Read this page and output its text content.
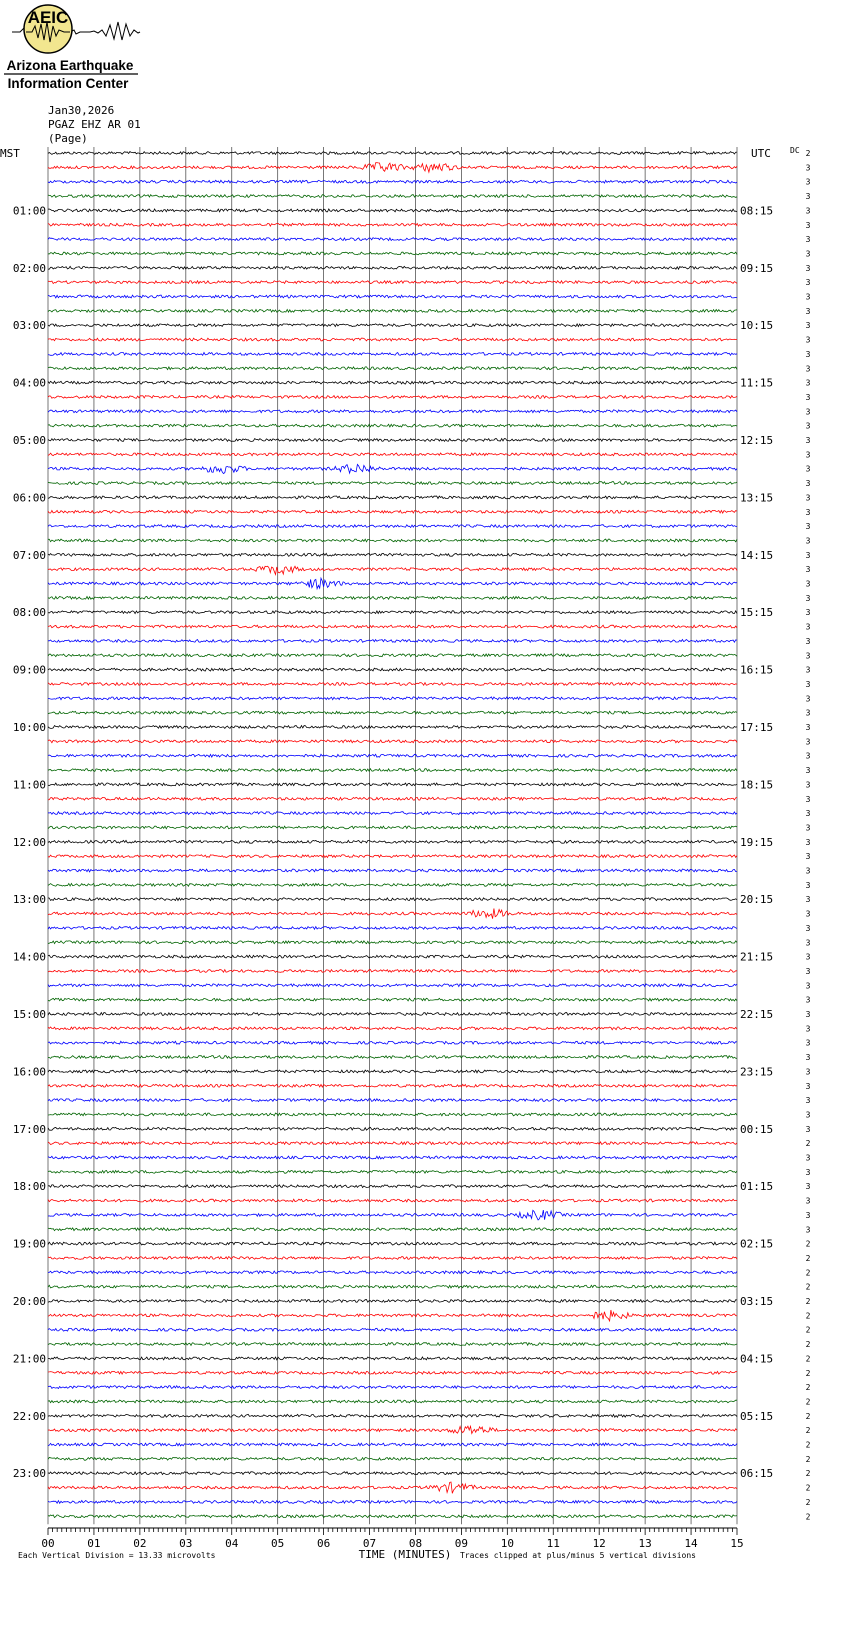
AEIC
Arizona Earthquake
Information Center
Jan30,2026
PGAZ EHZ AR 01
(Page)
2
3
3
3
3
3
3
3
3
3
3
3
3
3
3
3
3
3
3
3
3
3
3
3
3
3
3
3
3
3
3
3
3
3
3
3
3
3
3
3
3
3
3
3
3
3
3
3
3
3
3
3
3
3
3
3
3
3
3
3
3
3
3
3
3
3
3
3
3
2
3
3
3
3
3
3
2
2
2
2
2
2
2
2
2
2
2
2
2
2
2
2
2
2
2
2
MST	UTC DC
01:00
02:00
03:00
04:00
05:00
06:00
07:00
08:00
09:00
10:00
11:00
12:00
13:00
14:00
15:00
16:00
17:00
18:00
19:00
20:00
21:00
22:00
23:00
08:15
09:15
10:15
11:15
12:15
13:15
14:15
15:15
16:15
17:15
18:15
19:15
20:15
21:15
22:15
23:15
00:15
01:15
02:15
03:15
04:15
05:15
06:15
00	01	02	03	04	05	06	07	08	09	10	11	12	13	14	15
TIME (MINUTES)
Each Vertical Division = 13.33 microvolts	Traces clipped at plus/minus 5 vertical divisions
